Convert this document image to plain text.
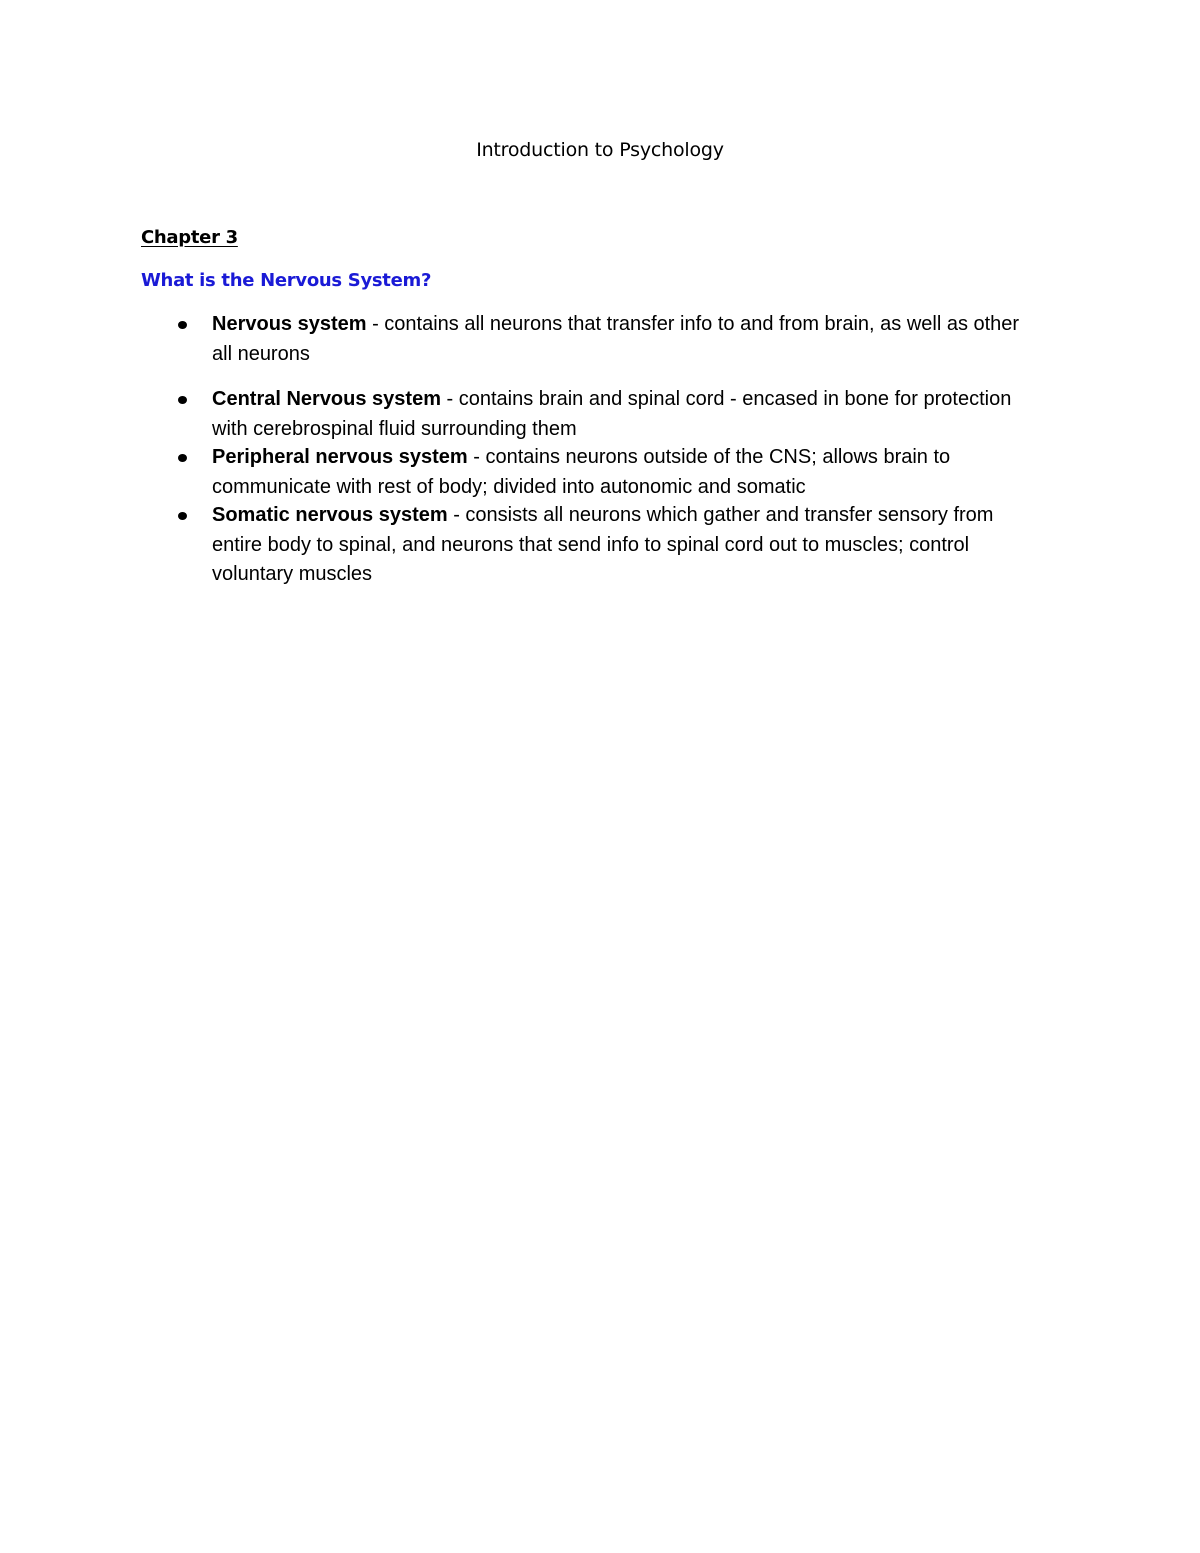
Introduction to Psychology
Chapter 3
What is the Nervous System?
Nervous system - contains all neurons that transfer info to and from brain, as well as other all neurons
Central Nervous system - contains brain and spinal cord - encased in bone for protection with cerebrospinal fluid surrounding them
Peripheral nervous system - contains neurons outside of the CNS; allows brain to communicate with rest of body; divided into autonomic and somatic
Somatic nervous system - consists all neurons which gather and transfer sensory from entire body to spinal, and neurons that send info to spinal cord out to muscles; control voluntary muscles
